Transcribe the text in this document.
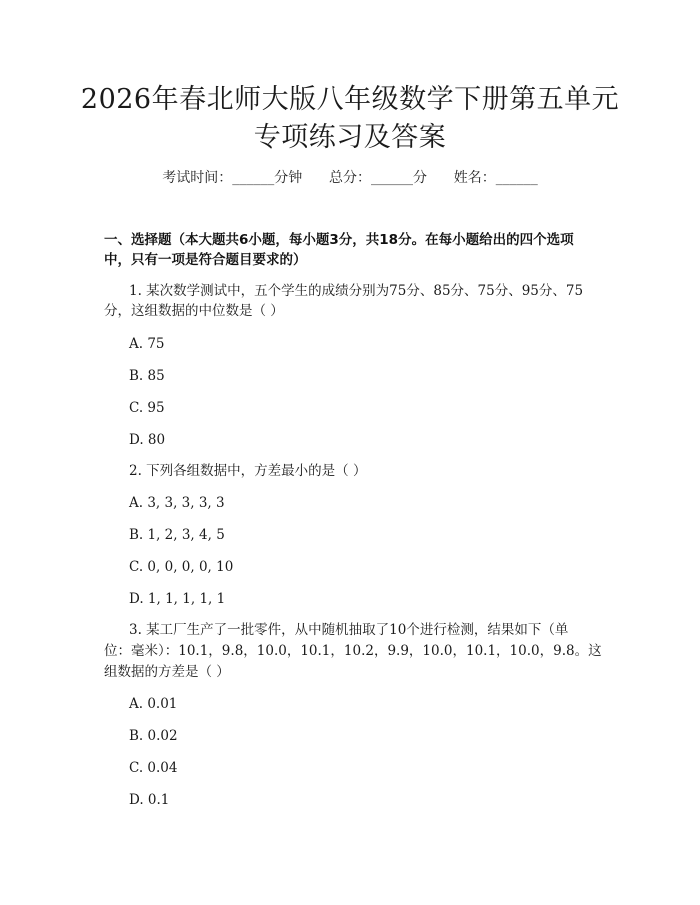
2026年春北师大版八年级数学下册第五单元
专项练习及答案
考试时间：______分钟      总分：______分      姓名：______
一、选择题（本大题共6小题，每小题3分，共18分。在每小题给出的四个选项
中，只有一项是符合题目要求的）
1. 某次数学测试中，五个学生的成绩分别为75分、85分、75分、95分、75
分，这组数据的中位数是（ ）
A. 75
B. 85
C. 95
D. 80
2. 下列各组数据中，方差最小的是（ ）
A. 3, 3, 3, 3, 3
B. 1, 2, 3, 4, 5
C. 0, 0, 0, 0, 10
D. 1, 1, 1, 1, 1
3. 某工厂生产了一批零件，从中随机抽取了10个进行检测，结果如下（单
位：毫米）：10.1，9.8，10.0，10.1，10.2，9.9，10.0，10.1，10.0，9.8。这
组数据的方差是（ ）
A. 0.01
B. 0.02
C. 0.04
D. 0.1
